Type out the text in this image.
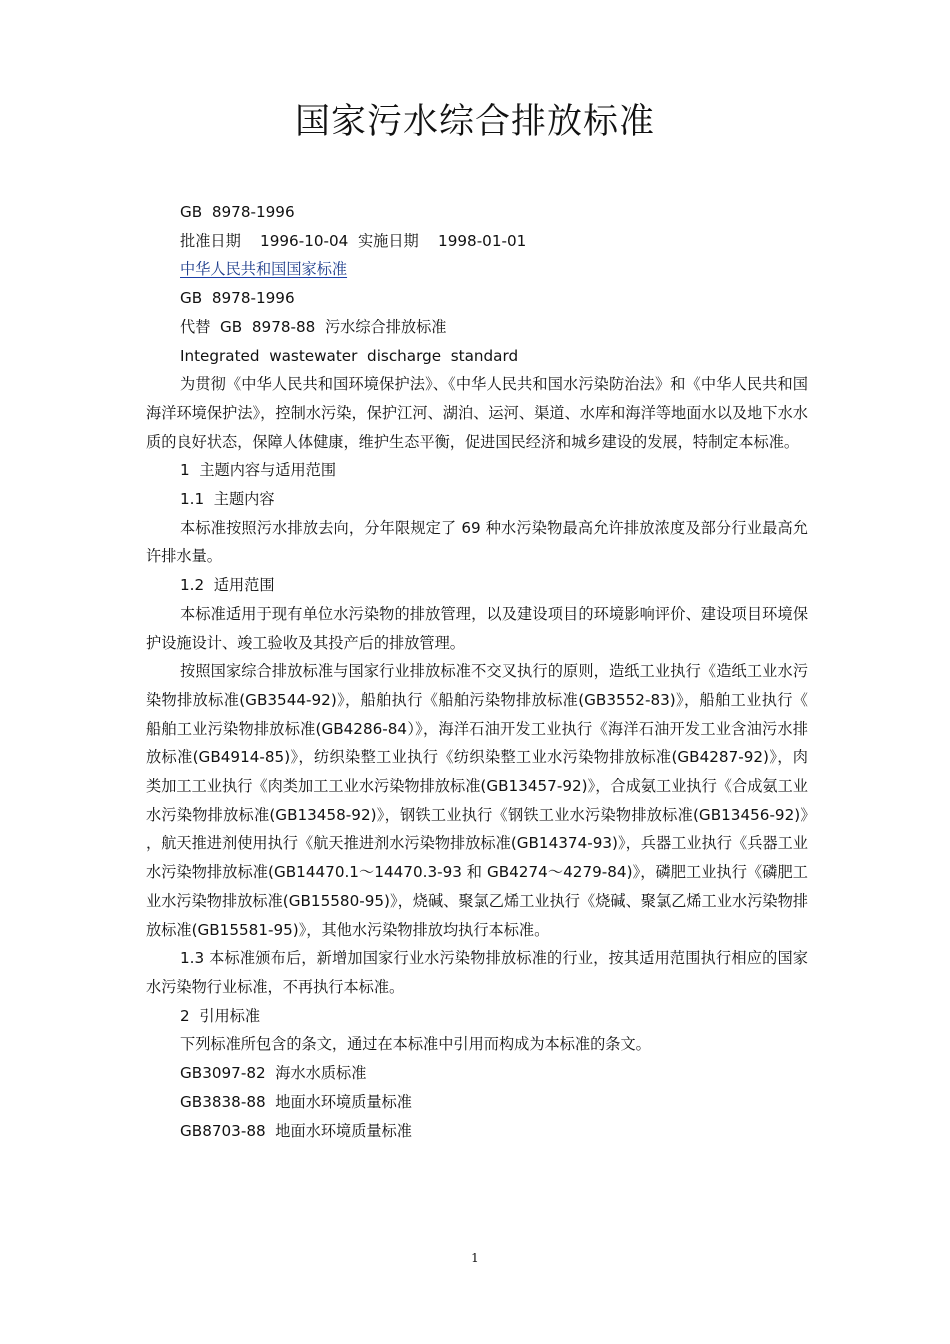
国家污水综合排放标准
GB  8978-1996
批准日期    1996-10-04  实施日期    1998-01-01
中华人民共和国国家标准
GB  8978-1996
代替  GB  8978-88  污水综合排放标准
Integrated  wastewater  discharge  standard
为贯彻《中华人民共和国环境保护法》、《中华人民共和国水污染防治法》和《中华人民共和国海洋环境保护法》，控制水污染，保护江河、湖泊、运河、渠道、水库和海洋等地面水以及地下水水质的良好状态，保障人体健康，维护生态平衡，促进国民经济和城乡建设的发展，特制定本标准。
1  主题内容与适用范围
1.1  主题内容
本标准按照污水排放去向，分年限规定了 69 种水污染物最高允许排放浓度及部分行业最高允许排水量。
1.2  适用范围
本标准适用于现有单位水污染物的排放管理，以及建设项目的环境影响评价、建设项目环境保护设施设计、竣工验收及其投产后的排放管理。
按照国家综合排放标准与国家行业排放标准不交叉执行的原则，造纸工业执行《造纸工业水污染物排放标准(GB3544-92)》，船舶执行《船舶污染物排放标准(GB3552-83)》，船舶工业执行《船舶工业污染物排放标准(GB4286-84）》，海洋石油开发工业执行《海洋石油开发工业含油污水排放标准(GB4914-85)》，纺织染整工业执行《纺织染整工业水污染物排放标准(GB4287-92)》，肉类加工工业执行《肉类加工工业水污染物排放标准(GB13457-92)》，合成氨工业执行《合成氨工业水污染物排放标准(GB13458-92)》，钢铁工业执行《钢铁工业水污染物排放标准(GB13456-92)》，航天推进剂使用执行《航天推进剂水污染物排放标准(GB14374-93)》，兵器工业执行《兵器工业水污染物排放标准(GB14470.1～14470.3-93 和 GB4274～4279-84)》，磷肥工业执行《磷肥工业水污染物排放标准(GB15580-95)》，烧碱、聚氯乙烯工业执行《烧碱、聚氯乙烯工业水污染物排放标准(GB15581-95)》，其他水污染物排放均执行本标准。
1.3 本标准颁布后，新增加国家行业水污染物排放标准的行业，按其适用范围执行相应的国家水污染物行业标准，不再执行本标准。
2  引用标准
下列标准所包含的条文，通过在本标准中引用而构成为本标准的条文。
GB3097-82  海水水质标准
GB3838-88  地面水环境质量标准
GB8703-88  地面水环境质量标准
1
